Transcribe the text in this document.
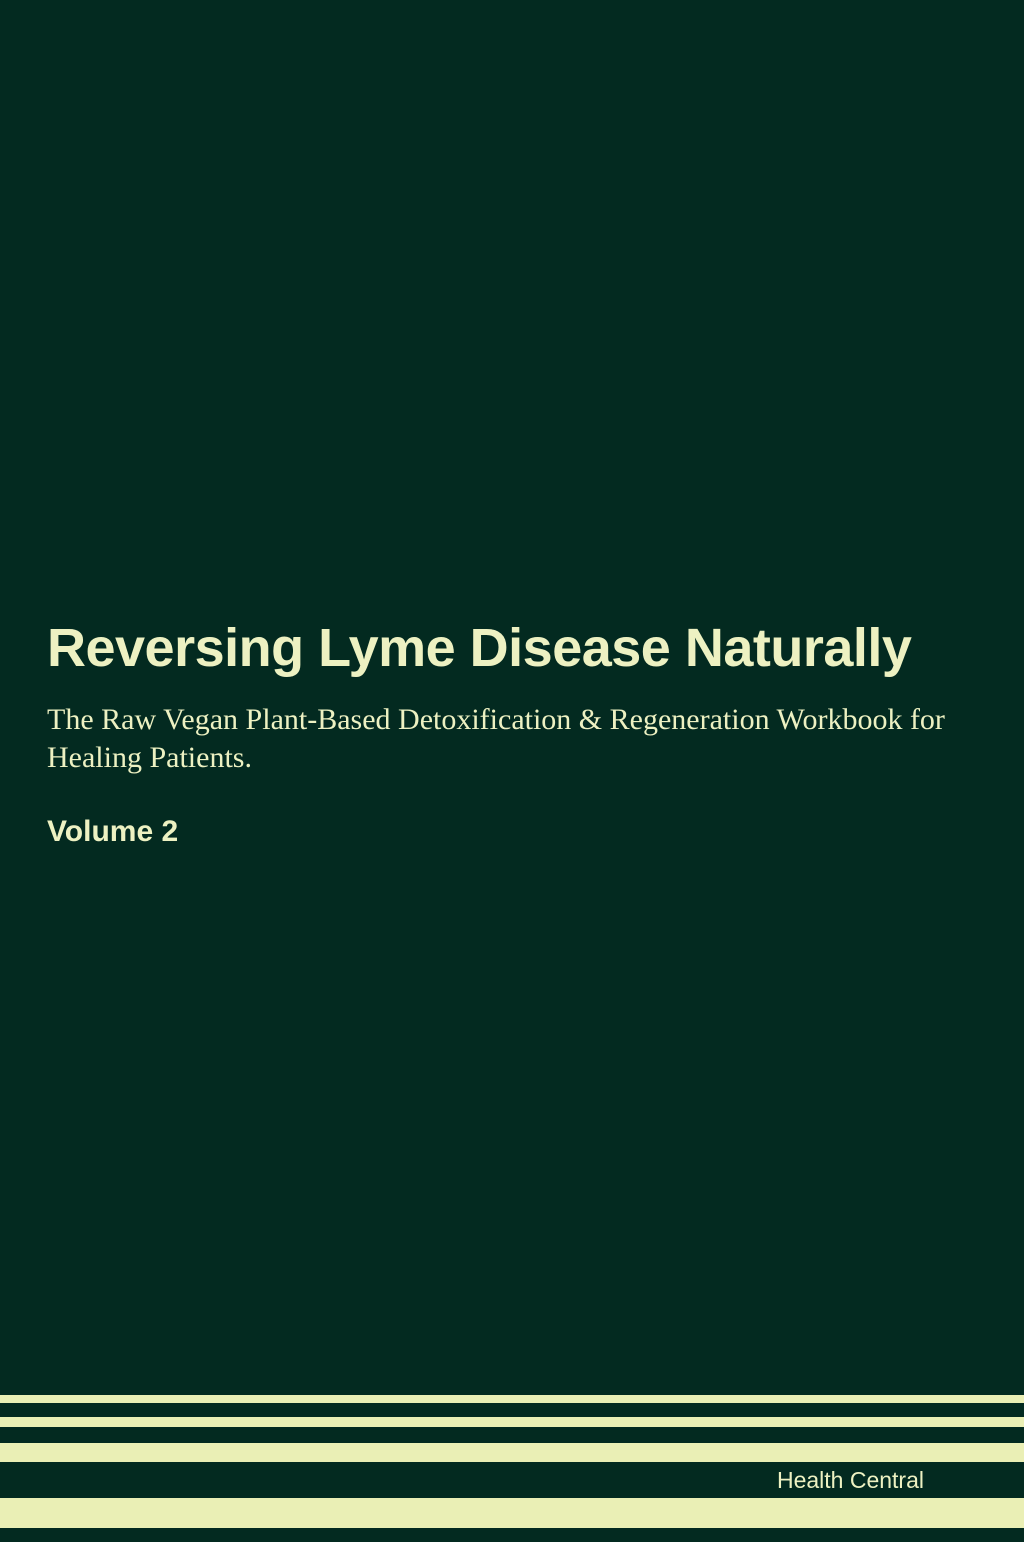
Reversing Lyme Disease Naturally

The Raw Vegan Plant-Based Detoxification & Regeneration Workbook for Healing Patients.

Volume 2

Health Central
